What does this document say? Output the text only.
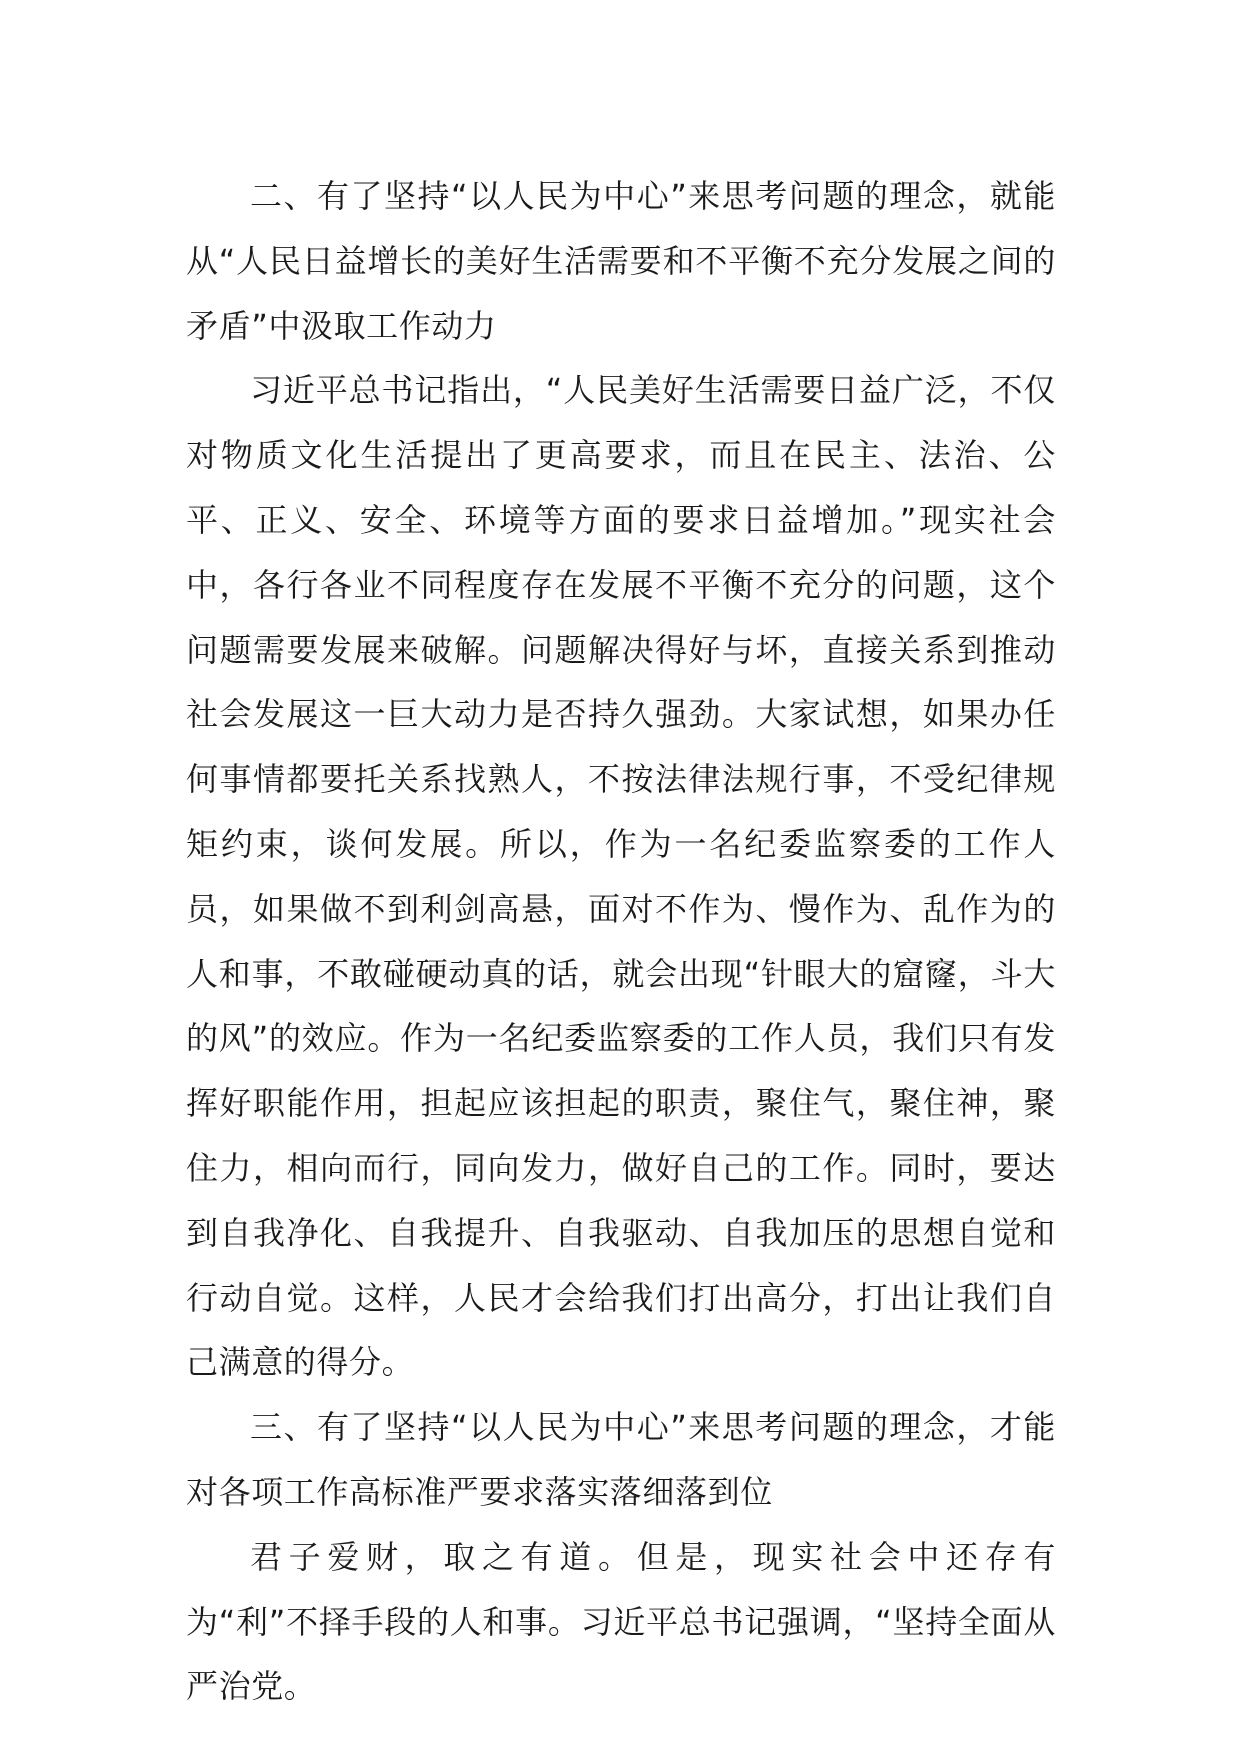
二、有了坚持“以人民为中心”来思考问题的理念，就能从“人民日益增长的美好生活需要和不平衡不充分发展之间的矛盾”中汲取工作动力

习近平总书记指出，“人民美好生活需要日益广泛，不仅对物质文化生活提出了更高要求，而且在民主、法治、公平、正义、安全、环境等方面的要求日益增加。”现实社会中，各行各业不同程度存在发展不平衡不充分的问题，这个问题需要发展来破解。问题解决得好与坏，直接关系到推动社会发展这一巨大动力是否持久强劲。大家试想，如果办任何事情都要托关系找熟人，不按法律法规行事，不受纪律规矩约束，谈何发展。所以，作为一名纪委监察委的工作人员，如果做不到利剑高悬，面对不作为、慢作为、乱作为的人和事，不敢碰硬动真的话，就会出现“针眼大的窟窿，斗大的风”的效应。作为一名纪委监察委的工作人员，我们只有发挥好职能作用，担起应该担起的职责，聚住气，聚住神，聚住力，相向而行，同向发力，做好自己的工作。同时，要达到自我净化、自我提升、自我驱动、自我加压的思想自觉和行动自觉。这样，人民才会给我们打出高分，打出让我们自己满意的得分。

三、有了坚持“以人民为中心”来思考问题的理念，才能对各项工作高标准严要求落实落细落到位

君子爱财，取之有道。但是，现实社会中还存有为“利”不择手段的人和事。习近平总书记强调，“坚持全面从严治党。
